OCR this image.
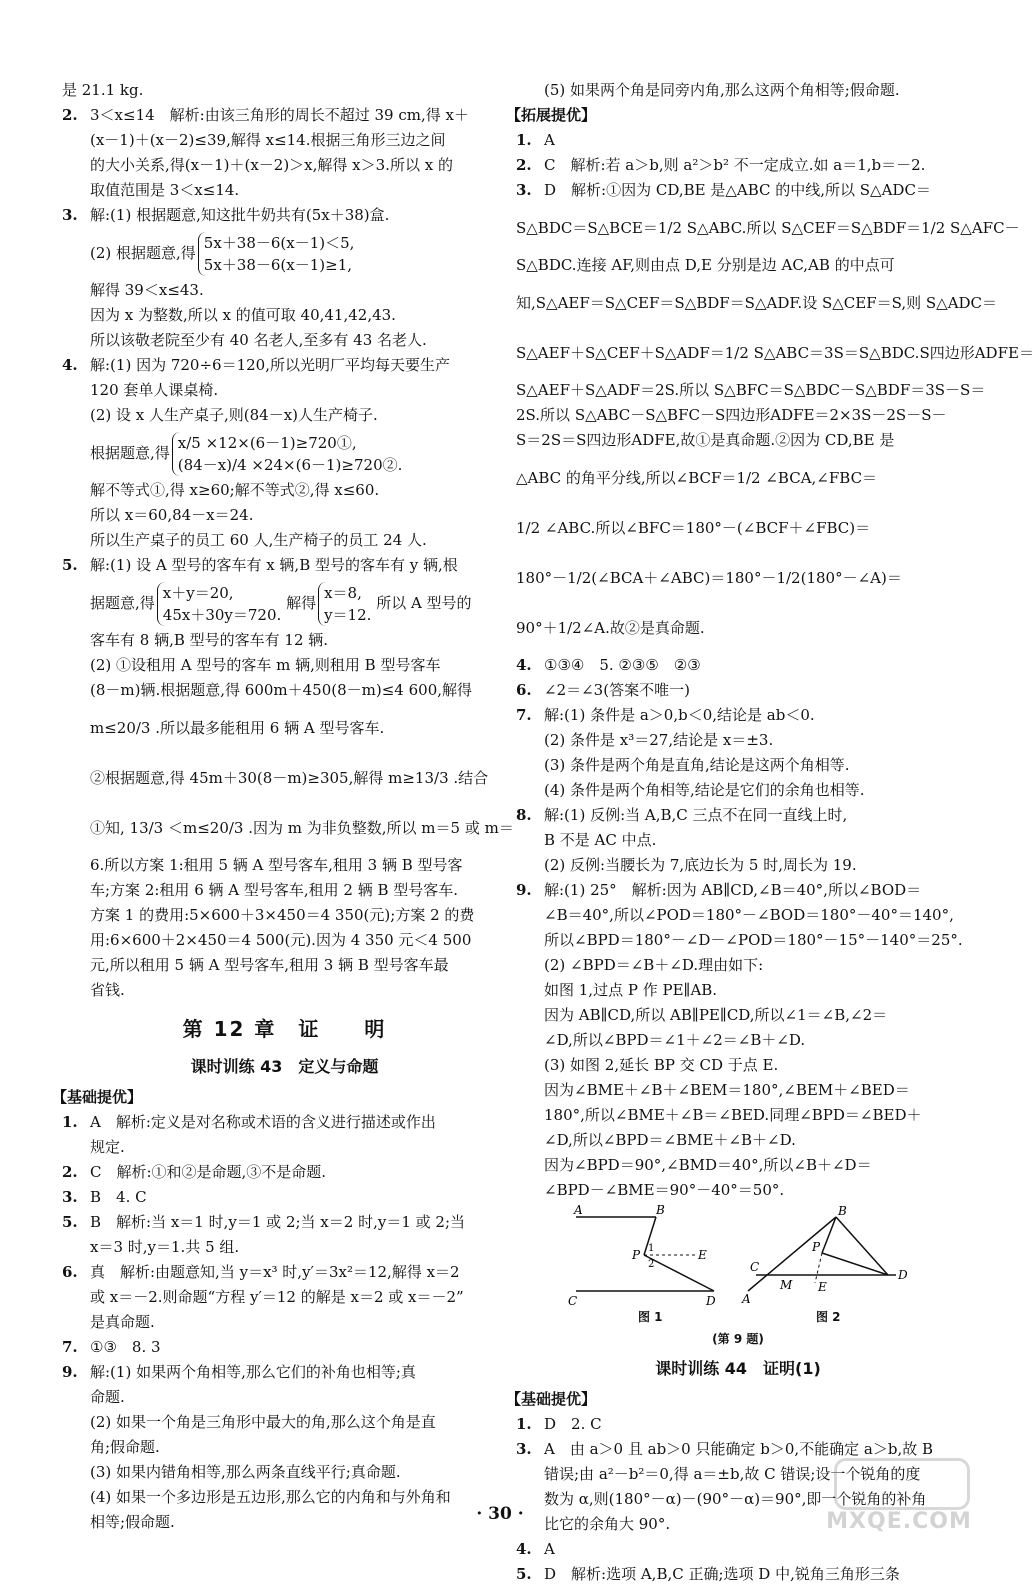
是 21.1 kg.
2. 3＜x≤14　解析:由该三角形的周长不超过 39 cm,得 x＋
(x－1)＋(x－2)≤39,解得 x≤14.根据三角形三边之间
的大小关系,得(x－1)＋(x－2)＞x,解得 x＞3.所以 x 的
取值范围是 3＜x≤14.
3. 解:(1) 根据题意,知这批牛奶共有(5x＋38)盒.
(2) 根据题意,得
5x＋38－6(x－1)＜5,
5x＋38－6(x－1)≥1,
解得 39＜x≤43.
因为 x 为整数,所以 x 的值可取 40,41,42,43.
所以该敬老院至少有 40 名老人,至多有 43 名老人.
4. 解:(1) 因为 720÷6＝120,所以光明厂平均每天要生产
120 套单人课桌椅.
(2) 设 x 人生产桌子,则(84－x)人生产椅子.
根据题意,得
x/5 ×12×(6－1)≥720①,
(84－x)/4 ×24×(6－1)≥720②.
解不等式①,得 x≥60;解不等式②,得 x≤60.
所以 x＝60,84－x＝24.
所以生产桌子的员工 60 人,生产椅子的员工 24 人.
5. 解:(1) 设 A 型号的客车有 x 辆,B 型号的客车有 y 辆,根
据题意,得
x＋y＝20,
45x＋30y＝720.
解得
x＝8,
y＝12.
所以 A 型号的
客车有 8 辆,B 型号的客车有 12 辆.
(2) ①设租用 A 型号的客车 m 辆,则租用 B 型号客车
(8－m)辆.根据题意,得 600m＋450(8－m)≤4 600,解得
m≤20/3 .所以最多能租用 6 辆 A 型号客车.
②根据题意,得 45m＋30(8－m)≥305,解得 m≥13/3 .结合
①知, 13/3 ＜m≤20/3 .因为 m 为非负整数,所以 m＝5 或 m＝
6.所以方案 1:租用 5 辆 A 型号客车,租用 3 辆 B 型号客
车;方案 2:租用 6 辆 A 型号客车,租用 2 辆 B 型号客车.
方案 1 的费用:5×600＋3×450＝4 350(元);方案 2 的费
用:6×600＋2×450＝4 500(元).因为 4 350 元＜4 500
元,所以租用 5 辆 A 型号客车,租用 3 辆 B 型号客车最
省钱.
第 12 章　证　　明
课时训练 43　定义与命题
【基础提优】
1. A　解析:定义是对名称或术语的含义进行描述或作出
规定.
2. C　解析:①和②是命题,③不是命题.
3. B　4. C
5. B　解析:当 x＝1 时,y＝1 或 2;当 x＝2 时,y＝1 或 2;当
x＝3 时,y＝1.共 5 组.
6. 真　解析:由题意知,当 y＝x³ 时,y′＝3x²＝12,解得 x＝2
或 x＝－2.则命题“方程 y′＝12 的解是 x＝2 或 x＝－2”
是真命题.
7. ①③　8. 3
9. 解:(1) 如果两个角相等,那么它们的补角也相等;真
命题.
(2) 如果一个角是三角形中最大的角,那么这个角是直
角;假命题.
(3) 如果内错角相等,那么两条直线平行;真命题.
(4) 如果一个多边形是五边形,那么它的内角和与外角和
相等;假命题.
(5) 如果两个角是同旁内角,那么这两个角相等;假命题.
【拓展提优】
1. A
2. C　解析:若 a＞b,则 a²＞b² 不一定成立.如 a＝1,b＝－2.
3. D　解析:①因为 CD,BE 是△ABC 的中线,所以 S△ADC＝
S△BDC＝S△BCE＝1/2 S△ABC.所以 S△CEF＝S△BDF＝1/2 S△AFC－
S△BDC.连接 AF,则由点 D,E 分别是边 AC,AB 的中点可
知,S△AEF＝S△CEF＝S△BDF＝S△ADF.设 S△CEF＝S,则 S△ADC＝
S△AEF＋S△CEF＋S△ADF＝1/2 S△ABC＝3S＝S△BDC.S四边形ADFE＝
S△AEF＋S△ADF＝2S.所以 S△BFC＝S△BDC－S△BDF＝3S－S＝
2S.所以 S△ABC－S△BFC－S四边形ADFE＝2×3S－2S－S－
S＝2S＝S四边形ADFE,故①是真命题.②因为 CD,BE 是
△ABC 的角平分线,所以∠BCF＝1/2 ∠BCA,∠FBC＝
1/2 ∠ABC.所以∠BFC＝180°－(∠BCF＋∠FBC)＝
180°－1/2(∠BCA＋∠ABC)＝180°－1/2(180°－∠A)＝
90°＋1/2∠A.故②是真命题.
4. ①③④　5. ②③⑤　②③
6. ∠2＝∠3(答案不唯一)
7. 解:(1) 条件是 a＞0,b＜0,结论是 ab＜0.
(2) 条件是 x³＝27,结论是 x＝±3.
(3) 条件是两个角是直角,结论是这两个角相等.
(4) 条件是两个角相等,结论是它们的余角也相等.
8. 解:(1) 反例:当 A,B,C 三点不在同一直线上时,
B 不是 AC 中点.
(2) 反例:当腰长为 7,底边长为 5 时,周长为 19.
9. 解:(1) 25°　解析:因为 AB∥CD,∠B＝40°,所以∠BOD＝
∠B＝40°,所以∠POD＝180°－∠BOD＝180°－40°＝140°,
所以∠BPD＝180°－∠D－∠POD＝180°－15°－140°＝25°.
(2) ∠BPD＝∠B＋∠D.理由如下:
如图 1,过点 P 作 PE∥AB.
因为 AB∥CD,所以 AB∥PE∥CD,所以∠1＝∠B,∠2＝
∠D,所以∠BPD＝∠1＋∠2＝∠B＋∠D.
(3) 如图 2,延长 BP 交 CD 于点 E.
因为∠BME＋∠B＋∠BEM＝180°,∠BEM＋∠BED＝
180°,所以∠BME＋∠B＝∠BED.同理∠BPD＝∠BED＋
∠D,所以∠BPD＝∠BME＋∠B＋∠D.
因为∠BPD＝90°,∠BMD＝40°,所以∠B＋∠D＝
∠BPD－∠BME＝90°－40°＝50°.
A	B
P	E
1
2
C	D
B
P
C
M E
D
A
图 1	图 2
(第 9 题)
课时训练 44　证明(1)
【基础提优】
1. D　2. C
3. A　由 a＞0 且 ab＞0 只能确定 b＞0,不能确定 a＞b,故 B
错误;由 a²－b²＝0,得 a＝±b,故 C 错误;设一个锐角的度
数为 α,则(180°－α)－(90°－α)＝90°,即一个锐角的补角
比它的余角大 90°.
4. A
5. D　解析:选项 A,B,C 正确;选项 D 中,锐角三角形三条
· 30 ·	MXQE.COM
